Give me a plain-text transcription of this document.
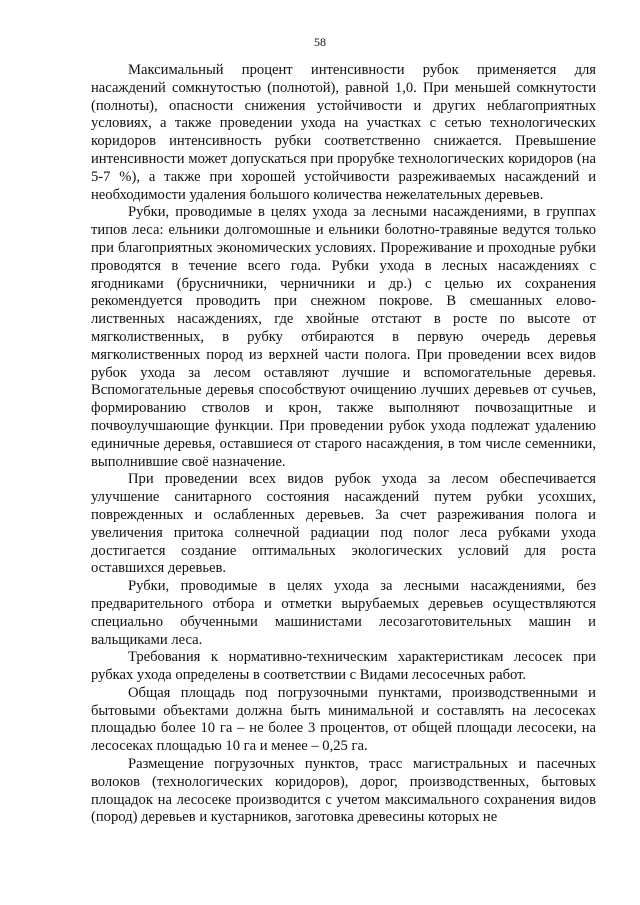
58

Максимальный процент интенсивности рубок применяется для насаждений сомкнутостью (полнотой), равной 1,0. При меньшей сомкнутости (полноты), опасности снижения устойчивости и других неблагоприятных условиях, а также проведении ухода на участках с сетью технологических коридоров интенсивность рубки соответственно снижается. Превышение интенсивности может допускаться при прорубке технологических коридоров (на 5-7 %), а также при хорошей устойчивости разреживаемых насаждений и необходимости удаления большого количества нежелательных деревьев.

Рубки, проводимые в целях ухода за лесными насаждениями, в группах типов леса: ельники долгомошные и ельники болотно-травяные ведутся только при благоприятных экономических условиях. Прореживание и проходные рубки проводятся в течение всего года. Рубки ухода в лесных насаждениях с ягодниками (брусничники, черничники и др.) с целью их сохранения рекомендуется проводить при снежном покрове. В смешанных елово-лиственных насаждениях, где хвойные отстают в росте по высоте от мягколиственных, в рубку отбираются в первую очередь деревья мягколиственных пород из верхней части полога. При проведении всех видов рубок ухода за лесом оставляют лучшие и вспомогательные деревья. Вспомогательные деревья способствуют очищению лучших деревьев от сучьев, формированию стволов и крон, также выполняют почвозащитные и почвоулучшающие функции. При проведении рубок ухода подлежат удалению единичные деревья, оставшиеся от старого насаждения, в том числе семенники, выполнившие своё назначение.

При проведении всех видов рубок ухода за лесом обеспечивается улучшение санитарного состояния насаждений путем рубки усохших, поврежденных и ослабленных деревьев. За счет разреживания полога и увеличения притока солнечной радиации под полог леса рубками ухода достигается создание оптимальных экологических условий для роста оставшихся деревьев.

Рубки, проводимые в целях ухода за лесными насаждениями, без предварительного отбора и отметки вырубаемых деревьев осуществляются специально обученными машинистами лесозаготовительных машин и вальщиками леса.

Требования к нормативно-техническим характеристикам лесосек при рубках ухода определены в соответствии с Видами лесосечных работ.

Общая площадь под погрузочными пунктами, производственными и бытовыми объектами должна быть минимальной и составлять на лесосеках площадью более 10 га – не более 3 процентов, от общей площади лесосеки, на лесосеках площадью 10 га и менее – 0,25 га.

Размещение погрузочных пунктов, трасс магистральных и пасечных волоков (технологических коридоров), дорог, производственных, бытовых площадок на лесосеке производится с учетом максимального сохранения видов (пород) деревьев и кустарников, заготовка древесины которых не
